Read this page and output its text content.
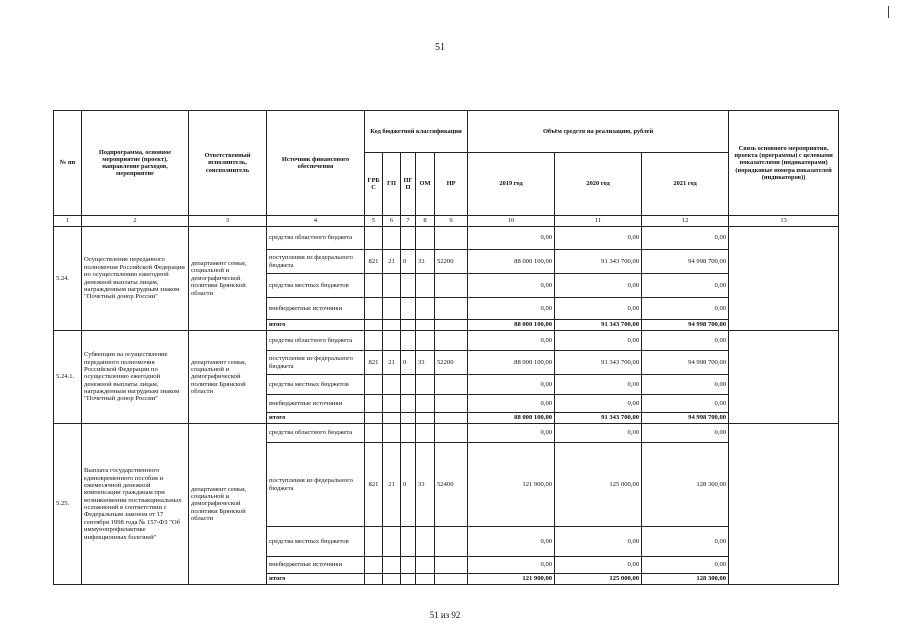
51
№ пп	Подпрограмма, основное мероприятие (проект), направление расходов, мероприятие	Ответственный исполнитель, соисполнитель	Источник финансового обеспечения	Код бюджетной классификации					Объём средств на реализацию, рублей			Связь основного мероприятия, проекта (программы) с целевыми показателями (индикаторами) (порядковые номера показателей (индикаторов))
				ГРБ С	ГП	ПГ П	ОМ	НР	2019 год	2020 год	2021 год	
1	2	3	4	5	6	7	8	9	10	11	12	13
5.24.	Осуществление переданного полномочия Российской Федерации по осуществлению ежегодной денежной выплаты лицам, награжденным нагрудным знаком "Почетный донор России"	департамент семьи, социальной и демографической политики Брянской области	средства областного бюджета						0,00	0,00	0,00	
			поступления из федерального бюджета	821	21	0	33	52200	88 000 100,00	91 343 700,00	94 998 700,00	
			средства местных бюджетов						0,00	0,00	0,00	
			внебюджетные источники						0,00	0,00	0,00	
			итого						88 000 100,00	91 343 700,00	94 998 700,00	
5.24.1.	Субвенции на осуществление переданного полномочия Российской Федерации по осуществлению ежегодной денежной выплаты лицам, награжденным нагрудным знаком "Почетный донор России"	департамент семьи, социальной и демографической политики Брянской области	средства областного бюджета						0,00	0,00	0,00	
			поступления из федерального бюджета	821	21	0	33	52200	88 000 100,00	91 343 700,00	94 998 700,00	
			средства местных бюджетов						0,00	0,00	0,00	
			внебюджетные источники						0,00	0,00	0,00	
			итого						88 000 100,00	91 343 700,00	94 998 700,00	
5.25.	Выплата государственного единовременного пособия и ежемесячной денежной компенсации гражданам при возникновении поствакцинальных осложнений в соответствии с Федеральным законом от 17 сентября 1998 года № 157-ФЗ "Об иммунопрофилактике инфекционных болезней"	департамент семьи, социальной и демографической политики Брянской области	средства областного бюджета						0,00	0,00	0,00	
			поступления из федерального бюджета	821	21	0	33	52400	121 900,00	125 000,00	128 300,00	
			средства местных бюджетов						0,00	0,00	0,00	
			внебюджетные источники						0,00	0,00	0,00	
			итого						121 900,00	125 000,00	128 300,00	
51 из 92
